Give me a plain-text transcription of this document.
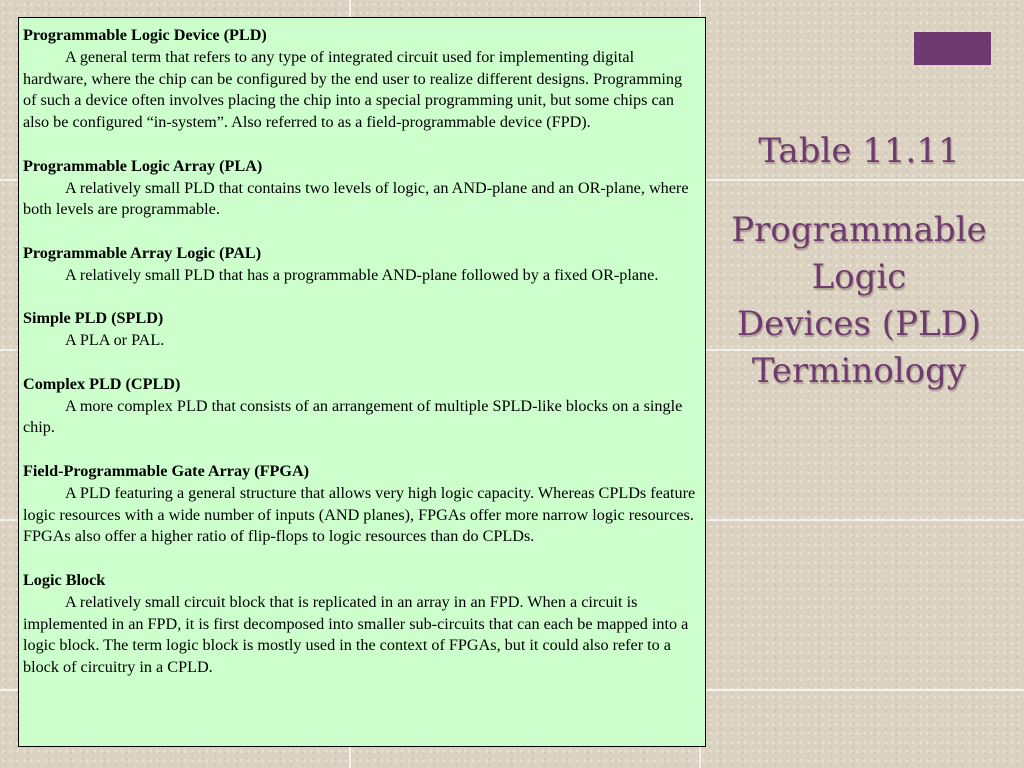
Programmable Logic Device (PLD)
A general term that refers to any type of integrated circuit used for implementing digital hardware, where the chip can be configured by the end user to realize different designs. Programming of such a device often involves placing the chip into a special programming unit, but some chips can also be configured “in-system”. Also referred to as a field-programmable device (FPD).
Programmable Logic Array (PLA)
A relatively small PLD that contains two levels of logic, an AND-plane and an OR-plane, where both levels are programmable.
Programmable Array Logic (PAL)
A relatively small PLD that has a programmable AND-plane followed by a fixed OR-plane.
Simple PLD (SPLD)
A PLA or PAL.
Complex PLD (CPLD)
A more complex PLD that consists of an arrangement of multiple SPLD-like blocks on a single chip.
Field-Programmable Gate Array (FPGA)
A PLD featuring a general structure that allows very high logic capacity. Whereas CPLDs feature logic resources with a wide number of inputs (AND planes), FPGAs offer more narrow logic resources. FPGAs also offer a higher ratio of flip-flops to logic resources than do CPLDs.
Logic Block
A relatively small circuit block that is replicated in an array in an FPD. When a circuit is implemented in an FPD, it is first decomposed into smaller sub-circuits that can each be mapped into a logic block. The term logic block is mostly used in the context of FPGAs, but it could also refer to a block of circuitry in a CPLD.
Table 11.11
Programmable
Logic
Devices (PLD)
Terminology
